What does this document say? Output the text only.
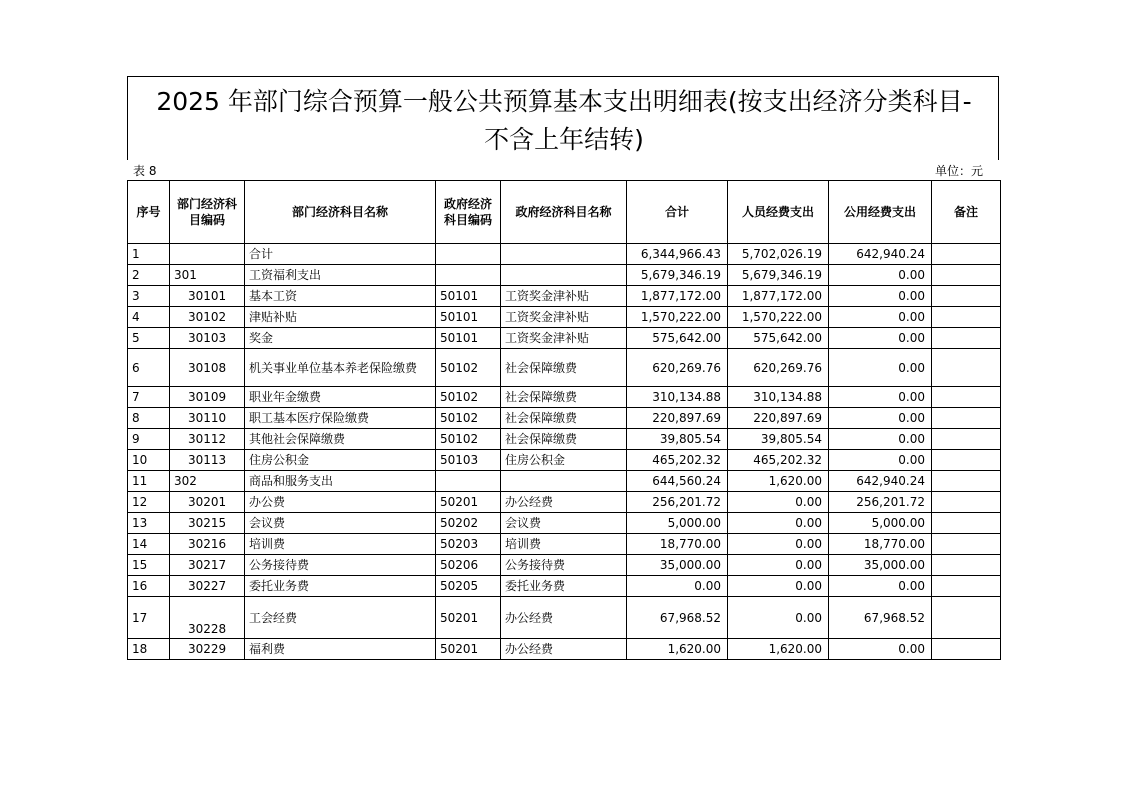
2025 年部门综合预算一般公共预算基本支出明细表(按支出经济分类科目-
不含上年结转)
表 8	单位：元
序号	部门经济科目编码	部门经济科目名称	政府经济科目编码	政府经济科目名称	合计	人员经费支出	公用经费支出	备注
1		合计			6,344,966.43	5,702,026.19	642,940.24	
2	301	工资福利支出			5,679,346.19	5,679,346.19	0.00	
3	30101	基本工资	50101	工资奖金津补贴	1,877,172.00	1,877,172.00	0.00	
4	30102	津贴补贴	50101	工资奖金津补贴	1,570,222.00	1,570,222.00	0.00	
5	30103	奖金	50101	工资奖金津补贴	575,642.00	575,642.00	0.00	
6	30108	机关事业单位基本养老保险缴费	50102	社会保障缴费	620,269.76	620,269.76	0.00	
7	30109	职业年金缴费	50102	社会保障缴费	310,134.88	310,134.88	0.00	
8	30110	职工基本医疗保险缴费	50102	社会保障缴费	220,897.69	220,897.69	0.00	
9	30112	其他社会保障缴费	50102	社会保障缴费	39,805.54	39,805.54	0.00	
10	30113	住房公积金	50103	住房公积金	465,202.32	465,202.32	0.00	
11	302	商品和服务支出			644,560.24	1,620.00	642,940.24	
12	30201	办公费	50201	办公经费	256,201.72	0.00	256,201.72	
13	30215	会议费	50202	会议费	5,000.00	0.00	5,000.00	
14	30216	培训费	50203	培训费	18,770.00	0.00	18,770.00	
15	30217	公务接待费	50206	公务接待费	35,000.00	0.00	35,000.00	
16	30227	委托业务费	50205	委托业务费	0.00	0.00	0.00	
17	30228	工会经费	50201	办公经费	67,968.52	0.00	67,968.52	
18	30229	福利费	50201	办公经费	1,620.00	1,620.00	0.00	
